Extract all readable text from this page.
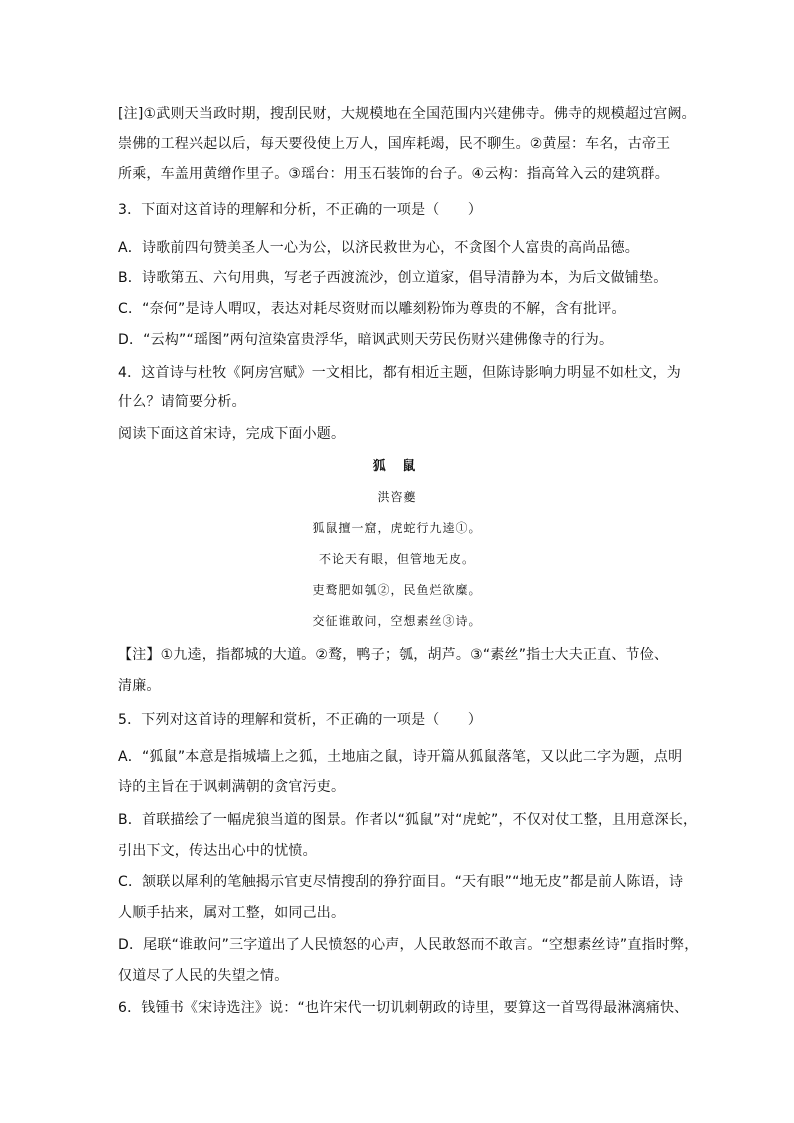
[注]①武则天当政时期，搜刮民财，大规模地在全国范围内兴建佛寺。佛寺的规模超过宫阙。
崇佛的工程兴起以后，每天要役使上万人，国库耗竭，民不聊生。②黄屋：车名，古帝王
所乘，车盖用黄缯作里子。③瑶台：用玉石装饰的台子。④云构：指高耸入云的建筑群。
3．下面对这首诗的理解和分析，不正确的一项是（　　）
A．诗歌前四句赞美圣人一心为公，以济民救世为心，不贪图个人富贵的高尚品德。
B．诗歌第五、六句用典，写老子西渡流沙，创立道家，倡导清静为本，为后文做铺垫。
C．“奈何”是诗人喟叹，表达对耗尽资财而以雕刻粉饰为尊贵的不解，含有批评。
D．“云构”“瑶图”两句渲染富贵浮华，暗讽武则天劳民伤财兴建佛像寺的行为。
4．这首诗与杜牧《阿房宫赋》一文相比，都有相近主题，但陈诗影响力明显不如杜文，为
什么？请简要分析。
阅读下面这首宋诗，完成下面小题。
狐 鼠
洪咨夔
狐鼠擅一窟，虎蛇行九逵①。
不论天有眼，但管地无皮。
吏鹜肥如瓠②，民鱼烂欲糜。
交征谁敢问，空想素丝③诗。
【注】①九逵，指都城的大道。②鹜，鸭子；瓠，胡芦。③“素丝”指士大夫正直、节俭、
清廉。
5．下列对这首诗的理解和赏析，不正确的一项是（　　）
A．“狐鼠”本意是指城墙上之狐，土地庙之鼠，诗开篇从狐鼠落笔，又以此二字为题，点明
诗的主旨在于讽刺满朝的贪官污吏。
B．首联描绘了一幅虎狼当道的图景。作者以“狐鼠”对“虎蛇”，不仅对仗工整，且用意深长，
引出下文，传达出心中的忧愤。
C．颔联以犀利的笔触揭示官吏尽情搜刮的狰狞面目。“天有眼”“地无皮”都是前人陈语，诗
人顺手拈来，属对工整，如同己出。
D．尾联“谁敢问”三字道出了人民愤怒的心声，人民敢怒而不敢言。“空想素丝诗”直指时弊，
仅道尽了人民的失望之情。
6．钱锺书《宋诗选注》说：“也许宋代一切讥刺朝政的诗里，要算这一首骂得最淋漓痛快、
